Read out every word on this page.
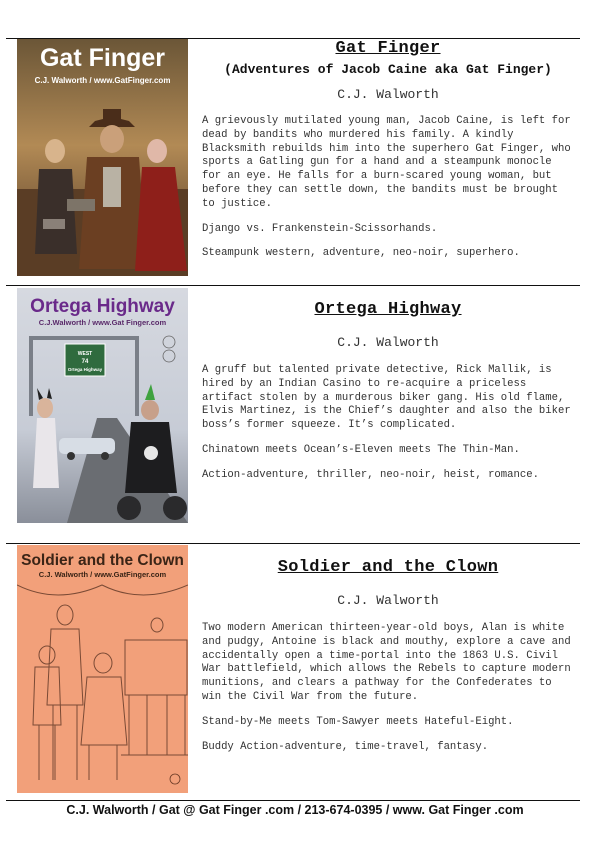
Gat Finger
C.J. Walworth / www.GatFinger.com

Gat Finger

(Adventures of Jacob Caine aka Gat Finger)

C.J. Walworth

A grievously mutilated young man, Jacob Caine, is left for dead by bandits who murdered his family. A kindly Blacksmith rebuilds him into the superhero Gat Finger, who sports a Gatling gun for a hand and a steampunk monocle for an eye. He falls for a burn-scared young woman, but before they can settle down, the bandits must be brought to justice.

Django vs. Frankenstein-Scissorhands.

Steampunk western, adventure, neo-noir, superhero.

WEST
74
Ortega Highway
Ortega Highway
C.J.Walworth / www.Gat Finger.com

Ortega Highway

C.J. Walworth

A gruff but talented private detective, Rick Mallik, is hired by an Indian Casino to re-acquire a priceless artifact stolen by a murderous biker gang. His old flame, Elvis Martinez, is the Chief’s daughter and also the biker boss’s former squeeze. It’s complicated.

Chinatown meets Ocean’s-Eleven meets The Thin-Man.

Action-adventure, thriller, neo-noir, heist, romance.

Soldier and the Clown
C.J. Walworth / www.GatFinger.com	Soldier and the Clown

C.J. Walworth

Two modern American thirteen-year-old boys, Alan is white and pudgy, Antoine is black and mouthy, explore a cave and accidentally open a time-portal into the 1863 U.S. Civil War battlefield, which allows the Rebels to capture modern munitions, and clears a pathway for the Confederates to win the Civil War from the future.

Stand-by-Me meets Tom-Sawyer meets Hateful-Eight.

Buddy Action-adventure, time-travel, fantasy.

C.J. Walworth / Gat @ Gat Finger .com / 213-674-0395 / www. Gat Finger .com
